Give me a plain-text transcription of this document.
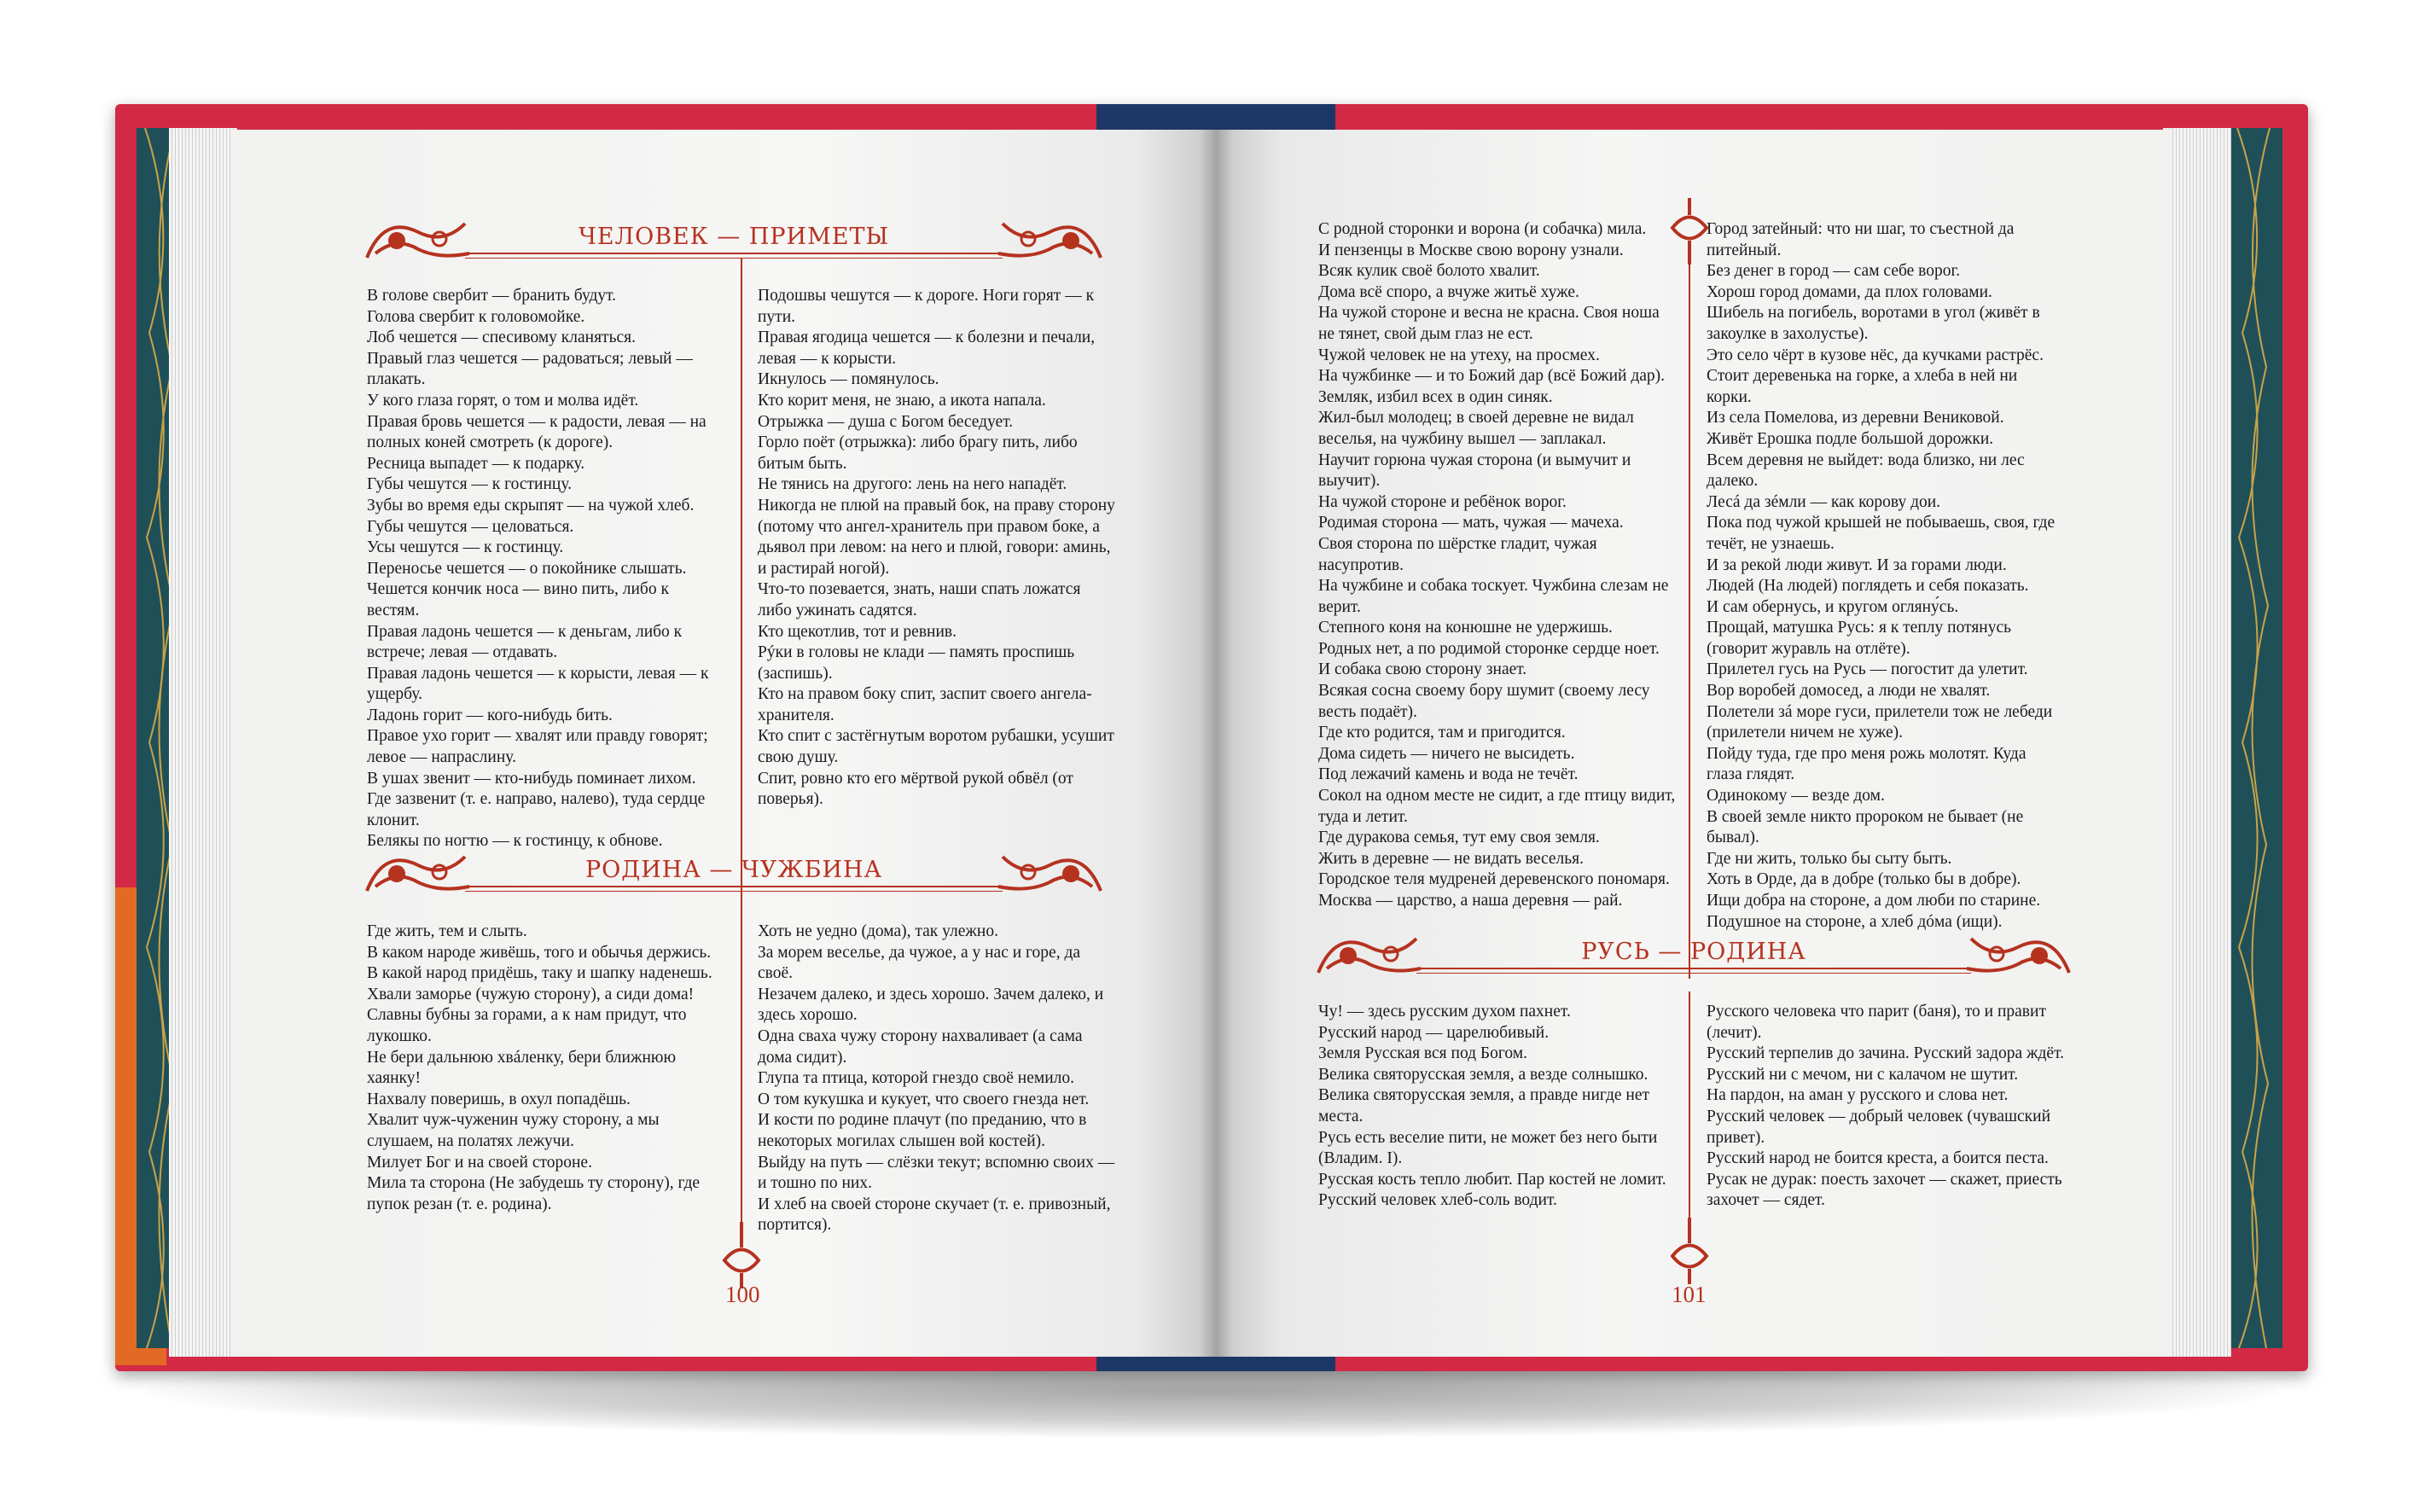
ЧЕЛОВЕК — ПРИМЕТЫ

В голове свербит — бранить будут.

Голова свербит к головомойке.

Лоб чешется — спесивому кланяться.

Правый глаз чешется — радоваться; левый — плакать.

У кого глаза горят, о том и молва идёт.

Правая бровь чешется — к радости, левая — на полных коней смотреть (к дороге).

Ресница выпадет — к подарку.

Губы чешутся — к гостинцу.

Зубы во время еды скрыпят — на чужой хлеб.

Губы чешутся — целоваться.

Усы чешутся — к гостинцу.

Переносье чешется — о покойнике слышать.

Чешется кончик носа — вино пить, либо к вестям.

Правая ладонь чешется — к деньгам, либо к встрече; левая — отдавать.

Правая ладонь чешется — к корысти, левая — к ущербу.

Ладонь горит — кого-нибудь бить.

Правое ухо горит — хвалят или правду говорят; левое — напраслину.

В ушах звенит — кто-нибудь поминает лихом.

Где зазвенит (т. е. направо, налево), туда сердце клонит.

Белякы по ногтю — к гостинцу, к обнове.

Подошвы чешутся — к дороге. Ноги горят — к пути.

Правая ягодица чешется — к болезни и печали, левая — к корысти.

Икнулось — помянулось.

Кто корит меня, не знаю, а икота напала.

Отрыжка — душа с Богом беседует.

Горло поёт (отрыжка): либо брагу пить, либо битым быть.

Не тянись на другого: лень на него нападёт.

Никогда не плюй на правый бок, на праву сторону (потому что ангел-хранитель при правом боке, а дьявол при левом: на него и плюй, говори: аминь, и растирай ногой).

Что-то позевается, знать, наши спать ложатся либо ужинать садятся.

Кто щекотлив, тот и ревнив.

Рýки в головы не клади — память проспишь (заспишь).

Кто на правом боку спит, заспит своего ангела-хранителя.

Кто спит с застёгнутым воротом рубашки, усушит свою душу.

Спит, ровно кто его мёртвой рукой обвёл (от поверья).

РОДИНА — ЧУЖБИНА

Где жить, тем и слыть.

В каком народе живёшь, того и обычья держись.

В какой народ придёшь, таку и шапку наденешь.

Хвали заморье (чужую сторону), а сиди дома!

Славны бубны за горами, а к нам придут, что лукошко.

Не бери дальнюю хвáленку, бери ближнюю хаянку!

Нахвалу поверишь, в охул попадёшь.

Хвалит чуж-чуженин чужу сторону, а мы слушаем, на полатях лежучи.

Милует Бог и на своей стороне.

Мила та сторона (Не забудешь ту сторону), где пупок резан (т. е. родина).

Хоть не уедно (дома), так улежно.

За морем веселье, да чужое, а у нас и горе, да своё.

Незачем далеко, и здесь хорошо. Зачем далеко, и здесь хорошо.

Одна сваха чужу сторону нахваливает (а сама дома сидит).

Глупа та птица, которой гнездо своё немило.

О том кукушка и кукует, что своего гнезда нет.

И кости по родине плачут (по преданию, что в некоторых могилах слышен вой костей).

Выйду на путь — слёзки текут; вспомню своих — и тошно по них.

И хлеб на своей стороне скучает (т. е. привозный, портится).

100

С родной сторонки и ворона (и собачка) мила.

И пензенцы в Москве свою ворону узнали.

Всяк кулик своё болото хвалит.

Дома всё споро, а вчуже житьё хуже.

На чужой стороне и весна не красна. Своя ноша не тянет, свой дым глаз не ест.

Чужой человек не на утеху, на просмех.

На чужбинке — и то Божий дар (всё Божий дар).

Земляк, избил всех в один синяк.

Жил-был молодец; в своей деревне не видал веселья, на чужбину вышел — заплакал.

Научит горюна чужая сторона (и вымучит и выучит).

На чужой стороне и ребёнок ворог.

Родимая сторона — мать, чужая — мачеха.

Своя сторона по шёрстке гладит, чужая насупротив.

На чужбине и собака тоскует. Чужбина слезам не верит.

Степного коня на конюшне не удержишь.

Родных нет, а по родимой сторонке сердце ноет.

И собака свою сторону знает.

Всякая сосна своему бору шумит (своему лесу весть подаёт).

Где кто родится, там и пригодится.

Дома сидеть — ничего не высидеть.

Под лежачий камень и вода не течёт.

Сокол на одном месте не сидит, а где птицу видит, туда и летит.

Где дуракова семья, тут ему своя земля.

Жить в деревне — не видать веселья.

Городское теля мудреней деревенского пономаря.

Москва — царство, а наша деревня — рай.

Город затейный: что ни шаг, то съестной да питейный.

Без денег в город — сам себе ворог.

Хорош город домами, да плох головами.

Шибель на погибель, воротами в угол (живёт в закоулке в захолустье).

Это село чёрт в кузове нёс, да кучками растрёс.

Стоит деревенька на горке, а хлеба в ней ни корки.

Из села Помелова, из деревни Вениковой.

Живёт Ерошка подле большой дорожки.

Всем деревня не выйдет: вода близко, ни лес далеко.

Лесá да зéмли — как корову дои.

Пока под чужой крышей не побываешь, своя, где течёт, не узнаешь.

И за рекой люди живут. И за горами люди.

Людей (На людей) поглядеть и себя показать.

И сам обернусь, и кругом огляну́сь.

Прощай, матушка Русь: я к теплу потянусь (говорит журавль на отлёте).

Прилетел гусь на Русь — погостит да улетит.

Вор воробей домосед, а люди не хвалят.

Полетели зá море гуси, прилетели тож не лебеди (прилетели ничем не хуже).

Пойду туда, где про меня рожь молотят. Куда глаза глядят.

Одинокому — везде дом.

В своей земле никто пророком не бывает (не бывал).

Где ни жить, только бы сыту быть.

Хоть в Орде, да в добре (только бы в добре).

Ищи добра на стороне, а дом люби по старине.

Подушное на стороне, а хлеб дóма (ищи).

РУСЬ — РОДИНА

Чу! — здесь русским духом пахнет.

Русский народ — царелюбивый.

Земля Русская вся под Богом.

Велика святорусская земля, а везде солнышко.

Велика святорусская земля, а правде нигде нет места.

Русь есть веселие пити, не может без него быти (Владим. I).

Русская кость тепло любит. Пар костей не ломит.

Русский человек хлеб-соль водит.

Русского человека что парит (баня), то и правит (лечит).

Русский терпелив до зачина. Русский задора ждёт.

Русский ни с мечом, ни с калачом не шутит.

На пардон, на аман у русского и слова нет.

Русский человек — добрый человек (чувашский привет).

Русский народ не боится креста, а боится песта.

Русак не дурак: поесть захочет — скажет, приесть захочет — сядет.

101
